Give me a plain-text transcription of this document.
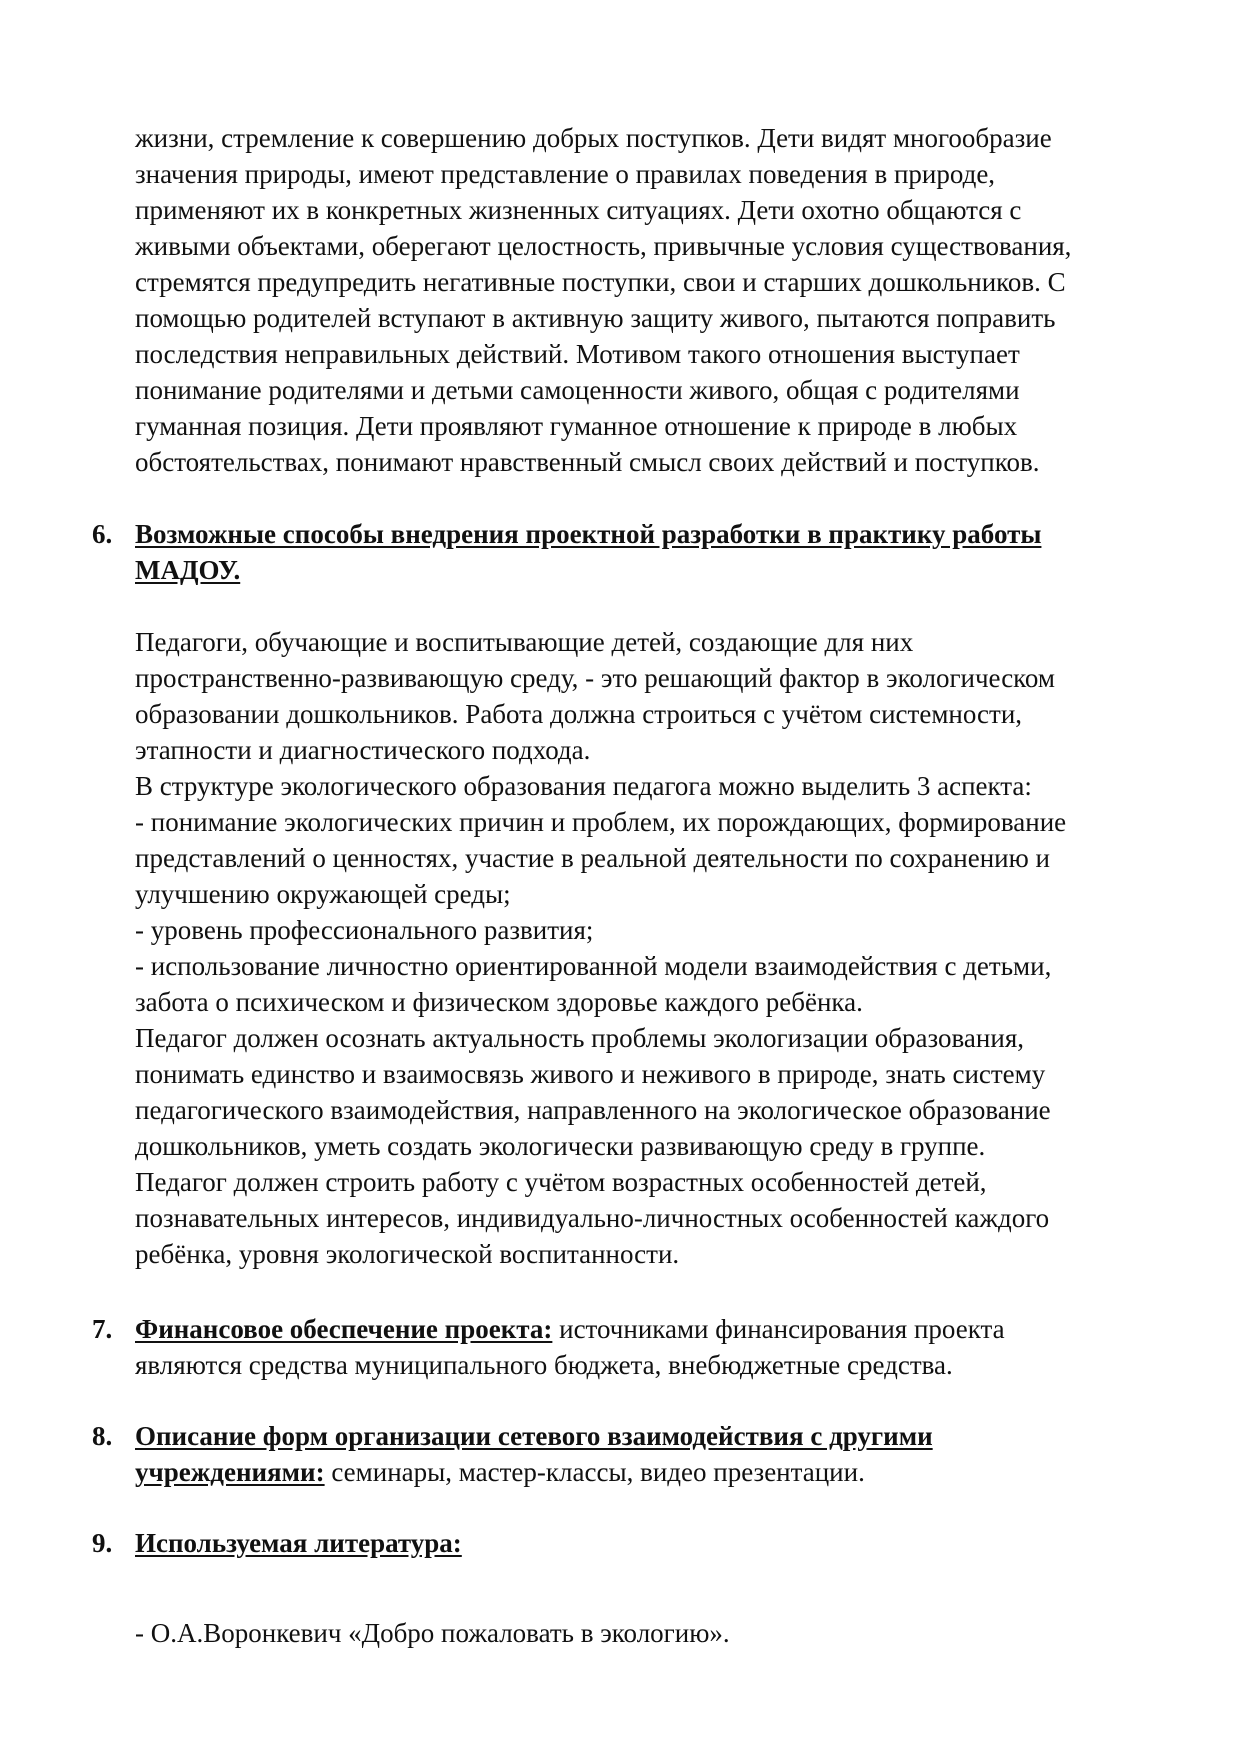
жизни, стремление к совершению добрых поступков. Дети видят многообразие
значения природы, имеют представление о правилах поведения в природе,
применяют их в конкретных жизненных ситуациях. Дети охотно общаются с
живыми объектами, оберегают целостность, привычные условия существования,
стремятся предупредить негативные поступки, свои и старших дошкольников. С
помощью родителей вступают в активную защиту живого, пытаются поправить
последствия неправильных действий. Мотивом такого отношения выступает
понимание родителями и детьми самоценности живого, общая с родителями
гуманная позиция. Дети проявляют гуманное отношение к природе в любых
обстоятельствах, понимают нравственный смысл своих действий и поступков.
6. Возможные способы внедрения проектной разработки в практику работы
МАДОУ.
Педагоги, обучающие и воспитывающие детей, создающие для них
пространственно-развивающую среду, - это решающий фактор в экологическом
образовании дошкольников. Работа должна строиться с учётом системности,
этапности и диагностического подхода.
В структуре экологического образования педагога можно выделить 3 аспекта:
- понимание экологических причин и проблем, их порождающих, формирование
представлений о ценностях, участие в реальной деятельности по сохранению и
улучшению окружающей среды;
- уровень профессионального развития;
- использование личностно ориентированной модели взаимодействия с детьми,
забота о психическом и физическом здоровье каждого ребёнка.
Педагог должен осознать актуальность проблемы экологизации образования,
понимать единство и взаимосвязь живого и неживого в природе, знать систему
педагогического взаимодействия, направленного на экологическое образование
дошкольников, уметь создать экологически развивающую среду в группе.
Педагог должен строить работу с учётом возрастных особенностей детей,
познавательных интересов, индивидуально-личностных особенностей каждого
ребёнка, уровня экологической воспитанности.
7. Финансовое обеспечение проекта: источниками финансирования проекта
являются средства муниципального бюджета, внебюджетные средства.
8. Описание форм организации сетевого взаимодействия с другими
учреждениями: семинары, мастер-классы, видео презентации.
9. Используемая литература:
- О.А.Воронкевич «Добро пожаловать в экологию».
